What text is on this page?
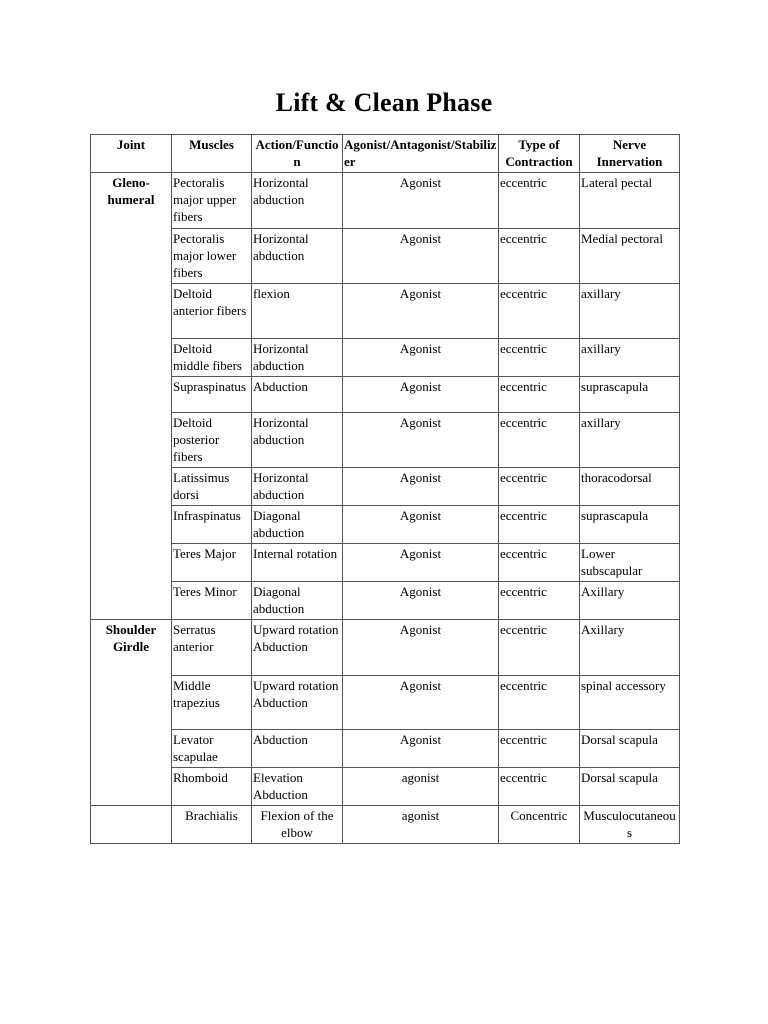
Lift & Clean Phase
Joint	Muscles	Action/Function	Agonist/Antagonist/Stabilizer	Type of Contraction	Nerve Innervation
Gleno-humeral	Pectoralis major upper fibers	Horizontal abduction	Agonist	eccentric	Lateral pectal
	Pectoralis major lower fibers	Horizontal abduction	Agonist	eccentric	Medial pectoral
	Deltoid anterior fibers	flexion	Agonist	eccentric	axillary
	Deltoid middle fibers	Horizontal abduction	Agonist	eccentric	axillary
	Supraspinatus	Abduction	Agonist	eccentric	suprascapula
	Deltoid posterior fibers	Horizontal abduction	Agonist	eccentric	axillary
	Latissimus dorsi	Horizontal abduction	Agonist	eccentric	thoracodorsal
	Infraspinatus	Diagonal abduction	Agonist	eccentric	suprascapula
	Teres Major	Internal rotation	Agonist	eccentric	Lower subscapular
	Teres Minor	Diagonal abduction	Agonist	eccentric	Axillary
Shoulder Girdle	Serratus anterior	Upward rotation Abduction	Agonist	eccentric	Axillary
	Middle trapezius	Upward rotation Abduction	Agonist	eccentric	spinal accessory
	Levator scapulae	Abduction	Agonist	eccentric	Dorsal scapula
	Rhomboid	Elevation Abduction	agonist	eccentric	Dorsal scapula
	Brachialis	Flexion of the elbow	agonist	Concentric	Musculocutaneous
